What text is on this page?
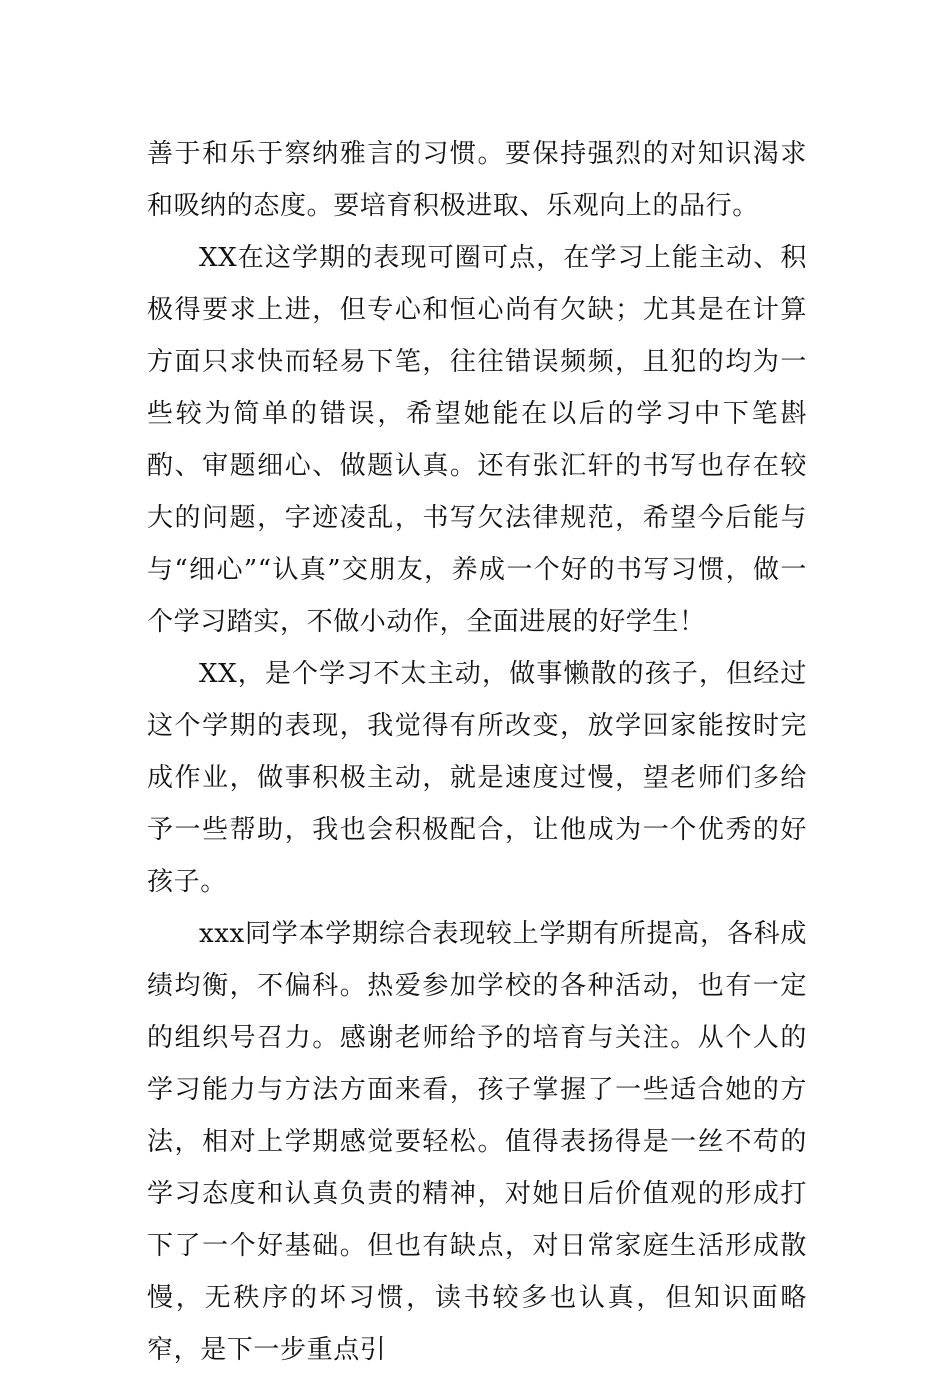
善于和乐于察纳雅言的习惯。要保持强烈的对知识渴求和吸纳的态度。要培育积极进取、乐观向上的品行。

XX在这学期的表现可圈可点，在学习上能主动、积极得要求上进，但专心和恒心尚有欠缺；尤其是在计算方面只求快而轻易下笔，往往错误频频，且犯的均为一些较为简单的错误，希望她能在以后的学习中下笔斟酌、审题细心、做题认真。还有张汇轩的书写也存在较大的问题，字迹凌乱，书写欠法律规范，希望今后能与与“细心”“认真”交朋友，养成一个好的书写习惯，做一个学习踏实，不做小动作，全面进展的好学生！

XX，是个学习不太主动，做事懒散的孩子，但经过这个学期的表现，我觉得有所改变，放学回家能按时完成作业，做事积极主动，就是速度过慢，望老师们多给予一些帮助，我也会积极配合，让他成为一个优秀的好孩子。

xxx同学本学期综合表现较上学期有所提高，各科成绩均衡，不偏科。热爱参加学校的各种活动，也有一定的组织号召力。感谢老师给予的培育与关注。从个人的学习能力与方法方面来看，孩子掌握了一些适合她的方法，相对上学期感觉要轻松。值得表扬得是一丝不苟的学习态度和认真负责的精神，对她日后价值观的形成打下了一个好基础。但也有缺点，对日常家庭生活形成散慢，无秩序的坏习惯，读书较多也认真，但知识面略窄，是下一步重点引
